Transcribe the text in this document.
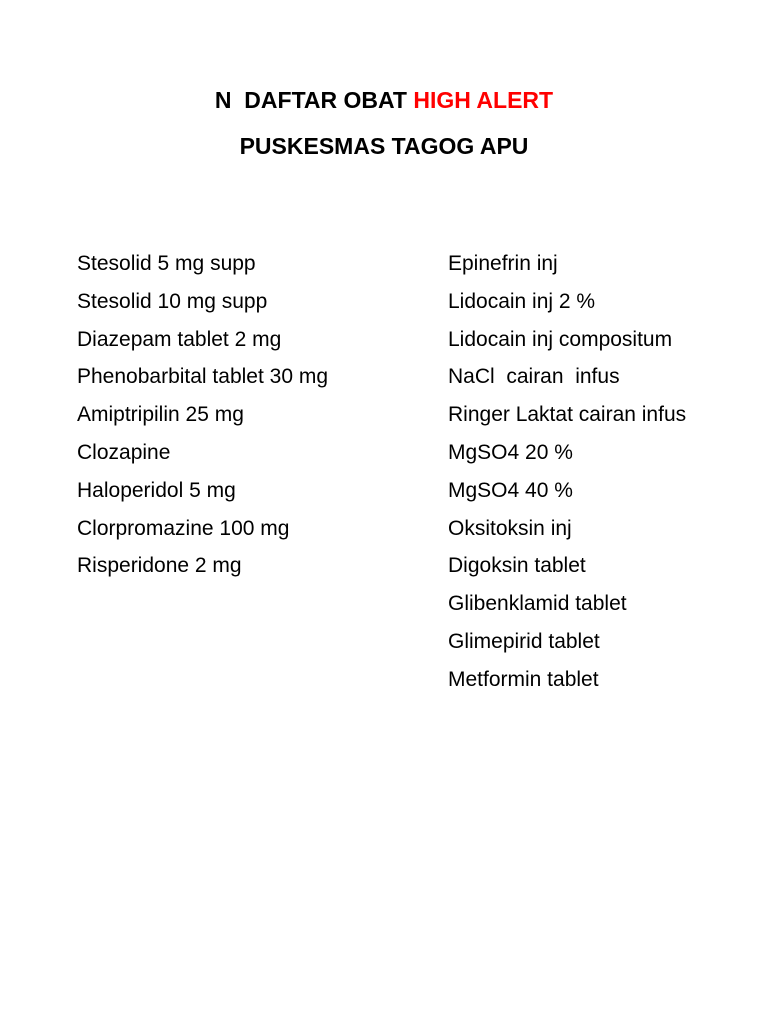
N  DAFTAR OBAT HIGH ALERT
PUSKESMAS TAGOG APU
Stesolid 5 mg supp
Stesolid 10 mg supp
Diazepam tablet 2 mg
Phenobarbital tablet 30 mg
Amiptripilin 25 mg
Clozapine
Haloperidol 5 mg
Clorpromazine 100 mg
Risperidone 2 mg
Epinefrin inj
Lidocain inj 2 %
Lidocain inj compositum
NaCl  cairan  infus
Ringer Laktat cairan infus
MgSO4 20 %
MgSO4 40 %
Oksitoksin inj
Digoksin tablet
Glibenklamid tablet
Glimepirid tablet
Metformin tablet
